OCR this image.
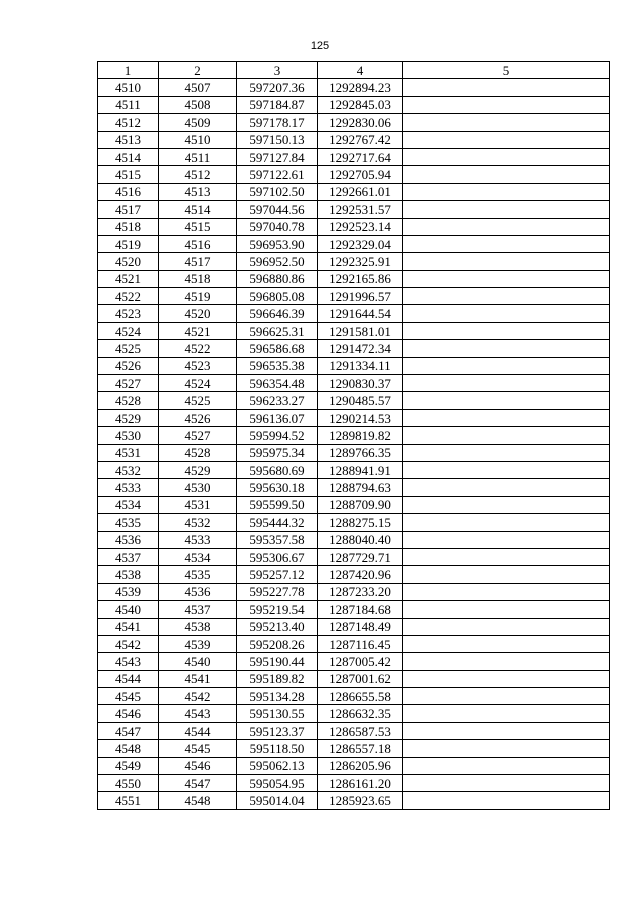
125
1	2	3	4	5
4510	4507	597207.36	1292894.23	
4511	4508	597184.87	1292845.03	
4512	4509	597178.17	1292830.06	
4513	4510	597150.13	1292767.42	
4514	4511	597127.84	1292717.64	
4515	4512	597122.61	1292705.94	
4516	4513	597102.50	1292661.01	
4517	4514	597044.56	1292531.57	
4518	4515	597040.78	1292523.14	
4519	4516	596953.90	1292329.04	
4520	4517	596952.50	1292325.91	
4521	4518	596880.86	1292165.86	
4522	4519	596805.08	1291996.57	
4523	4520	596646.39	1291644.54	
4524	4521	596625.31	1291581.01	
4525	4522	596586.68	1291472.34	
4526	4523	596535.38	1291334.11	
4527	4524	596354.48	1290830.37	
4528	4525	596233.27	1290485.57	
4529	4526	596136.07	1290214.53	
4530	4527	595994.52	1289819.82	
4531	4528	595975.34	1289766.35	
4532	4529	595680.69	1288941.91	
4533	4530	595630.18	1288794.63	
4534	4531	595599.50	1288709.90	
4535	4532	595444.32	1288275.15	
4536	4533	595357.58	1288040.40	
4537	4534	595306.67	1287729.71	
4538	4535	595257.12	1287420.96	
4539	4536	595227.78	1287233.20	
4540	4537	595219.54	1287184.68	
4541	4538	595213.40	1287148.49	
4542	4539	595208.26	1287116.45	
4543	4540	595190.44	1287005.42	
4544	4541	595189.82	1287001.62	
4545	4542	595134.28	1286655.58	
4546	4543	595130.55	1286632.35	
4547	4544	595123.37	1286587.53	
4548	4545	595118.50	1286557.18	
4549	4546	595062.13	1286205.96	
4550	4547	595054.95	1286161.20	
4551	4548	595014.04	1285923.65	
